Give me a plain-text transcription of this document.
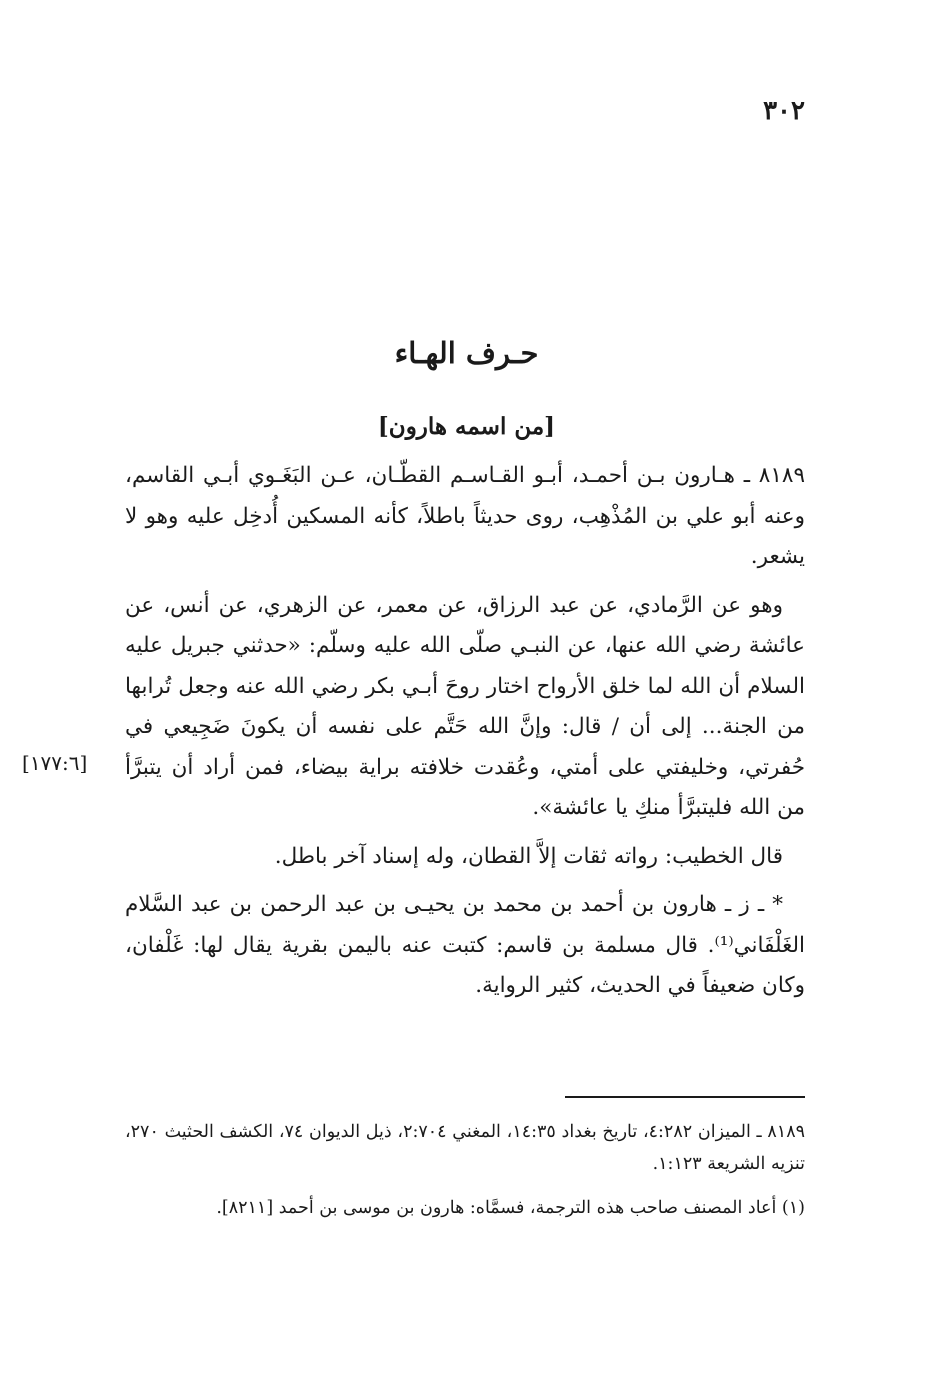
٣٠٢
حـرف الهـاء
[من اسمه هارون]

٨١٨٩ ـ هـارون بـن أحمـد، أبـو القـاسـم القطّـان، عـن البَغَـوي أبـي القاسم، وعنه أبو علي بن المُذْهِب، روى حديثاً باطلاً، كأنه المسكين أُدخِل عليه وهو لا يشعر.

وهو عن الرَّمادي، عن عبد الرزاق، عن معمر، عن الزهري، عن أنس، عن عائشة رضي الله عنها، عن النبـي صلّى الله عليه وسلّم: «حدثني جبريل عليه السلام أن الله لما خلق الأرواح اختار روحَ أبـي بكر رضي الله عنه وجعل تُرابها من الجنة... إلى أن / قال: وإنَّ الله حَتَّم على نفسه أن يكونَ ضَجِيعي في حُفرتي، وخليفتي على أمتي، وعُقدت خلافته براية بيضاء، فمن أراد أن يتبرَّأ من الله فليتبرَّأ منكِ يا عائشة».

قال الخطيب: رواته ثقات إلاَّ القطان، وله إسناد آخر باطل.

* ـ ز ـ هارون بن أحمد بن محمد بن يحيـى بن عبد الرحمن بن عبد السَّلام الغَلْفَاني⁽¹⁾. قال مسلمة بن قاسم: كتبت عنه باليمن بقرية يقال لها: غَلْفان، وكان ضعيفاً في الحديث، كثير الرواية.

[١٧٧:٦]

٨١٨٩ ـ الميزان ٤:٢٨٢، تاريخ بغداد ١٤:٣٥، المغني ٢:٧٠٤، ذيل الديوان ٧٤، الكشف الحثيث ٢٧٠، تنزيه الشريعة ١:١٢٣.

(١) أعاد المصنف صاحب هذه الترجمة، فسمَّاه: هارون بن موسى بن أحمد [٨٢١١].
